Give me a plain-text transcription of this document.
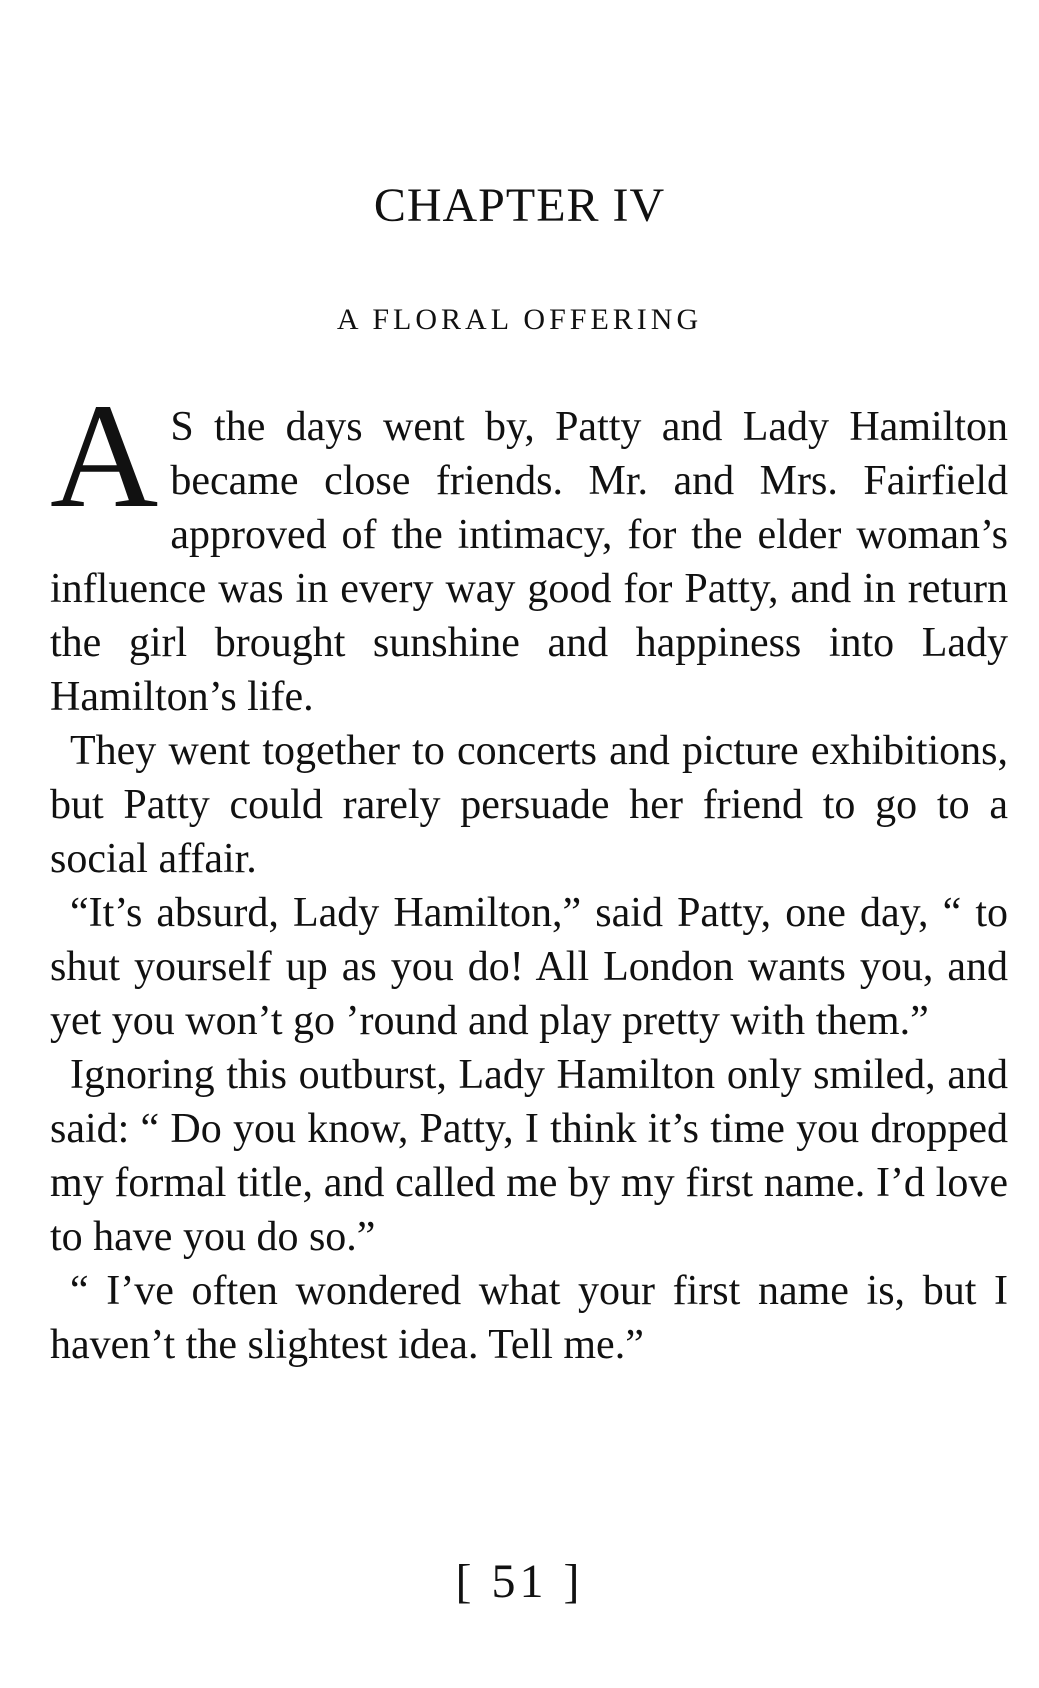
CHAPTER IV
A FLORAL OFFERING

A S the days went by, Patty and Lady Hamilton became close friends. Mr. and Mrs. Fairfield approved of the intimacy, for the elder woman’s influence was in every way good for Patty, and in return the girl brought sunshine and happiness into Lady Hamilton’s life.

They went together to concerts and picture exhibitions, but Patty could rarely persuade her friend to go to a social affair.

“It’s absurd, Lady Hamilton,” said Patty, one day, “ to shut yourself up as you do! All London wants you, and yet you won’t go ’round and play pretty with them.”

Ignoring this outburst, Lady Hamilton only smiled, and said: “ Do you know, Patty, I think it’s time you dropped my formal title, and called me by my first name. I’d love to have you do so.”

“ I’ve often wondered what your first name is, but I haven’t the slightest idea. Tell me.”

[ 51 ]
